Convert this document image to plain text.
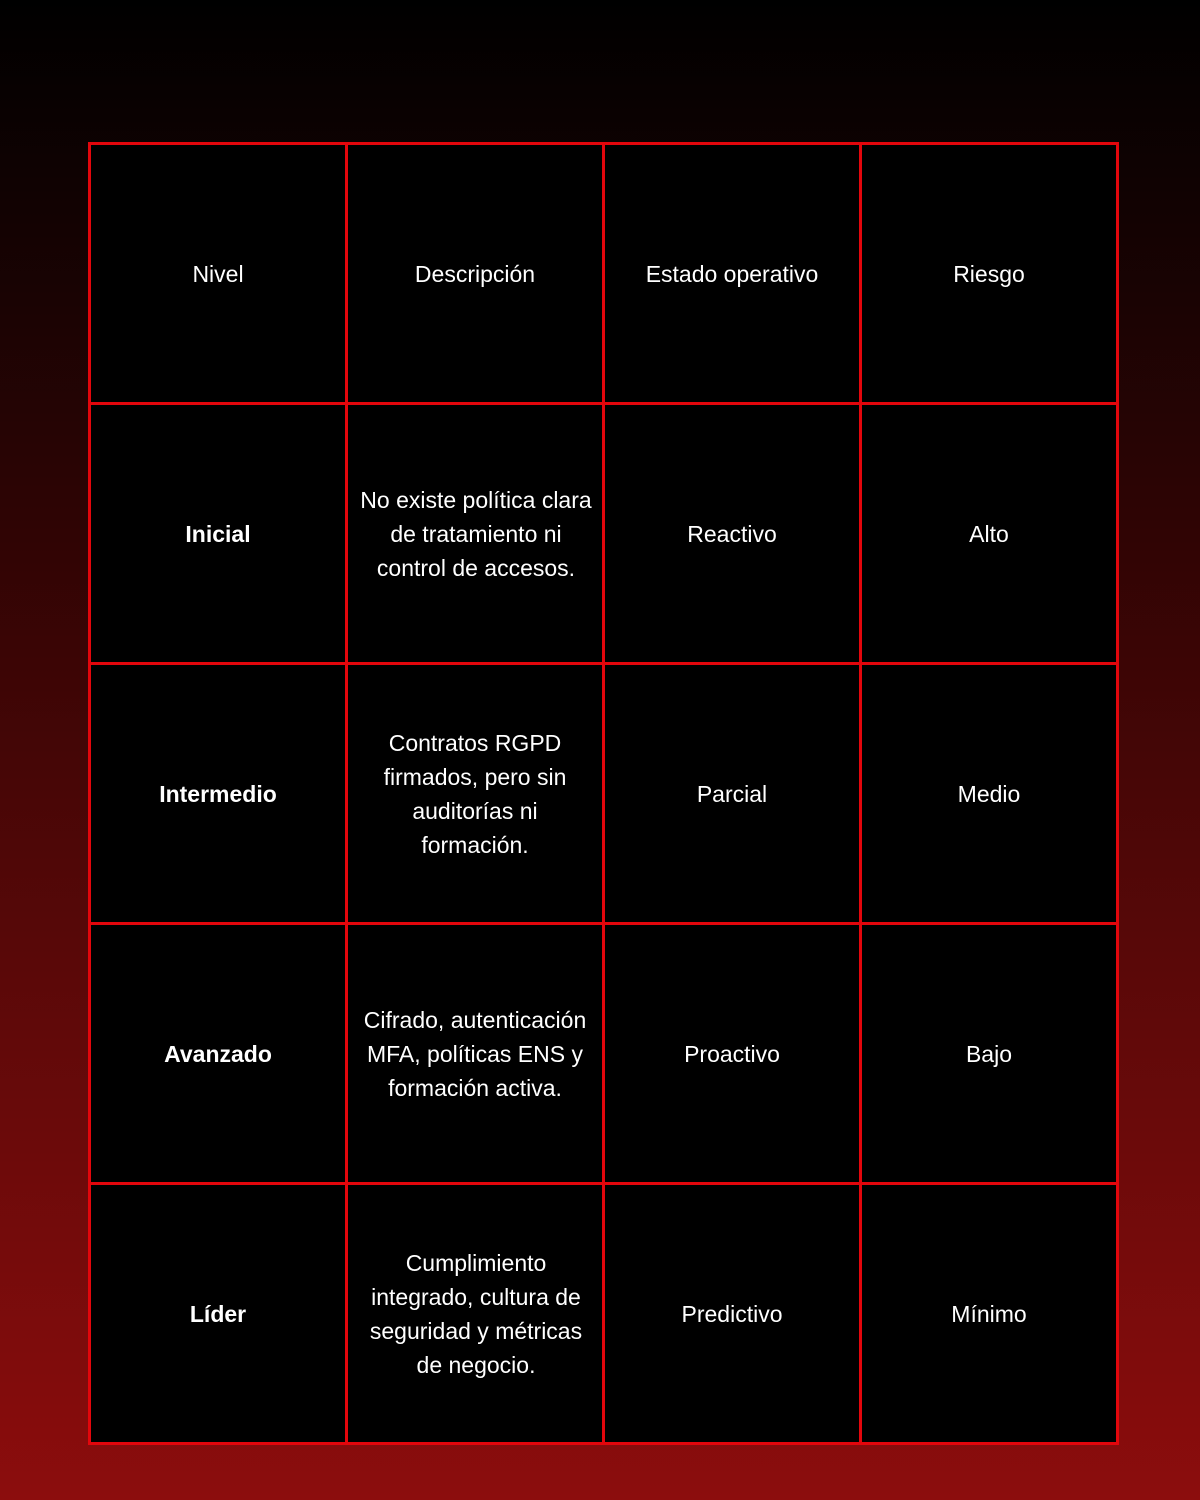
Nivel	Descripción	Estado operativo	Riesgo
Inicial	No existe política clara de tratamiento ni control de accesos.	Reactivo	Alto
Intermedio	Contratos RGPD firmados, pero sin auditorías ni formación.	Parcial	Medio
Avanzado	Cifrado, autenticación MFA, políticas ENS y formación activa.	Proactivo	Bajo
Líder	Cumplimiento integrado, cultura de seguridad y métricas de negocio.	Predictivo	Mínimo
